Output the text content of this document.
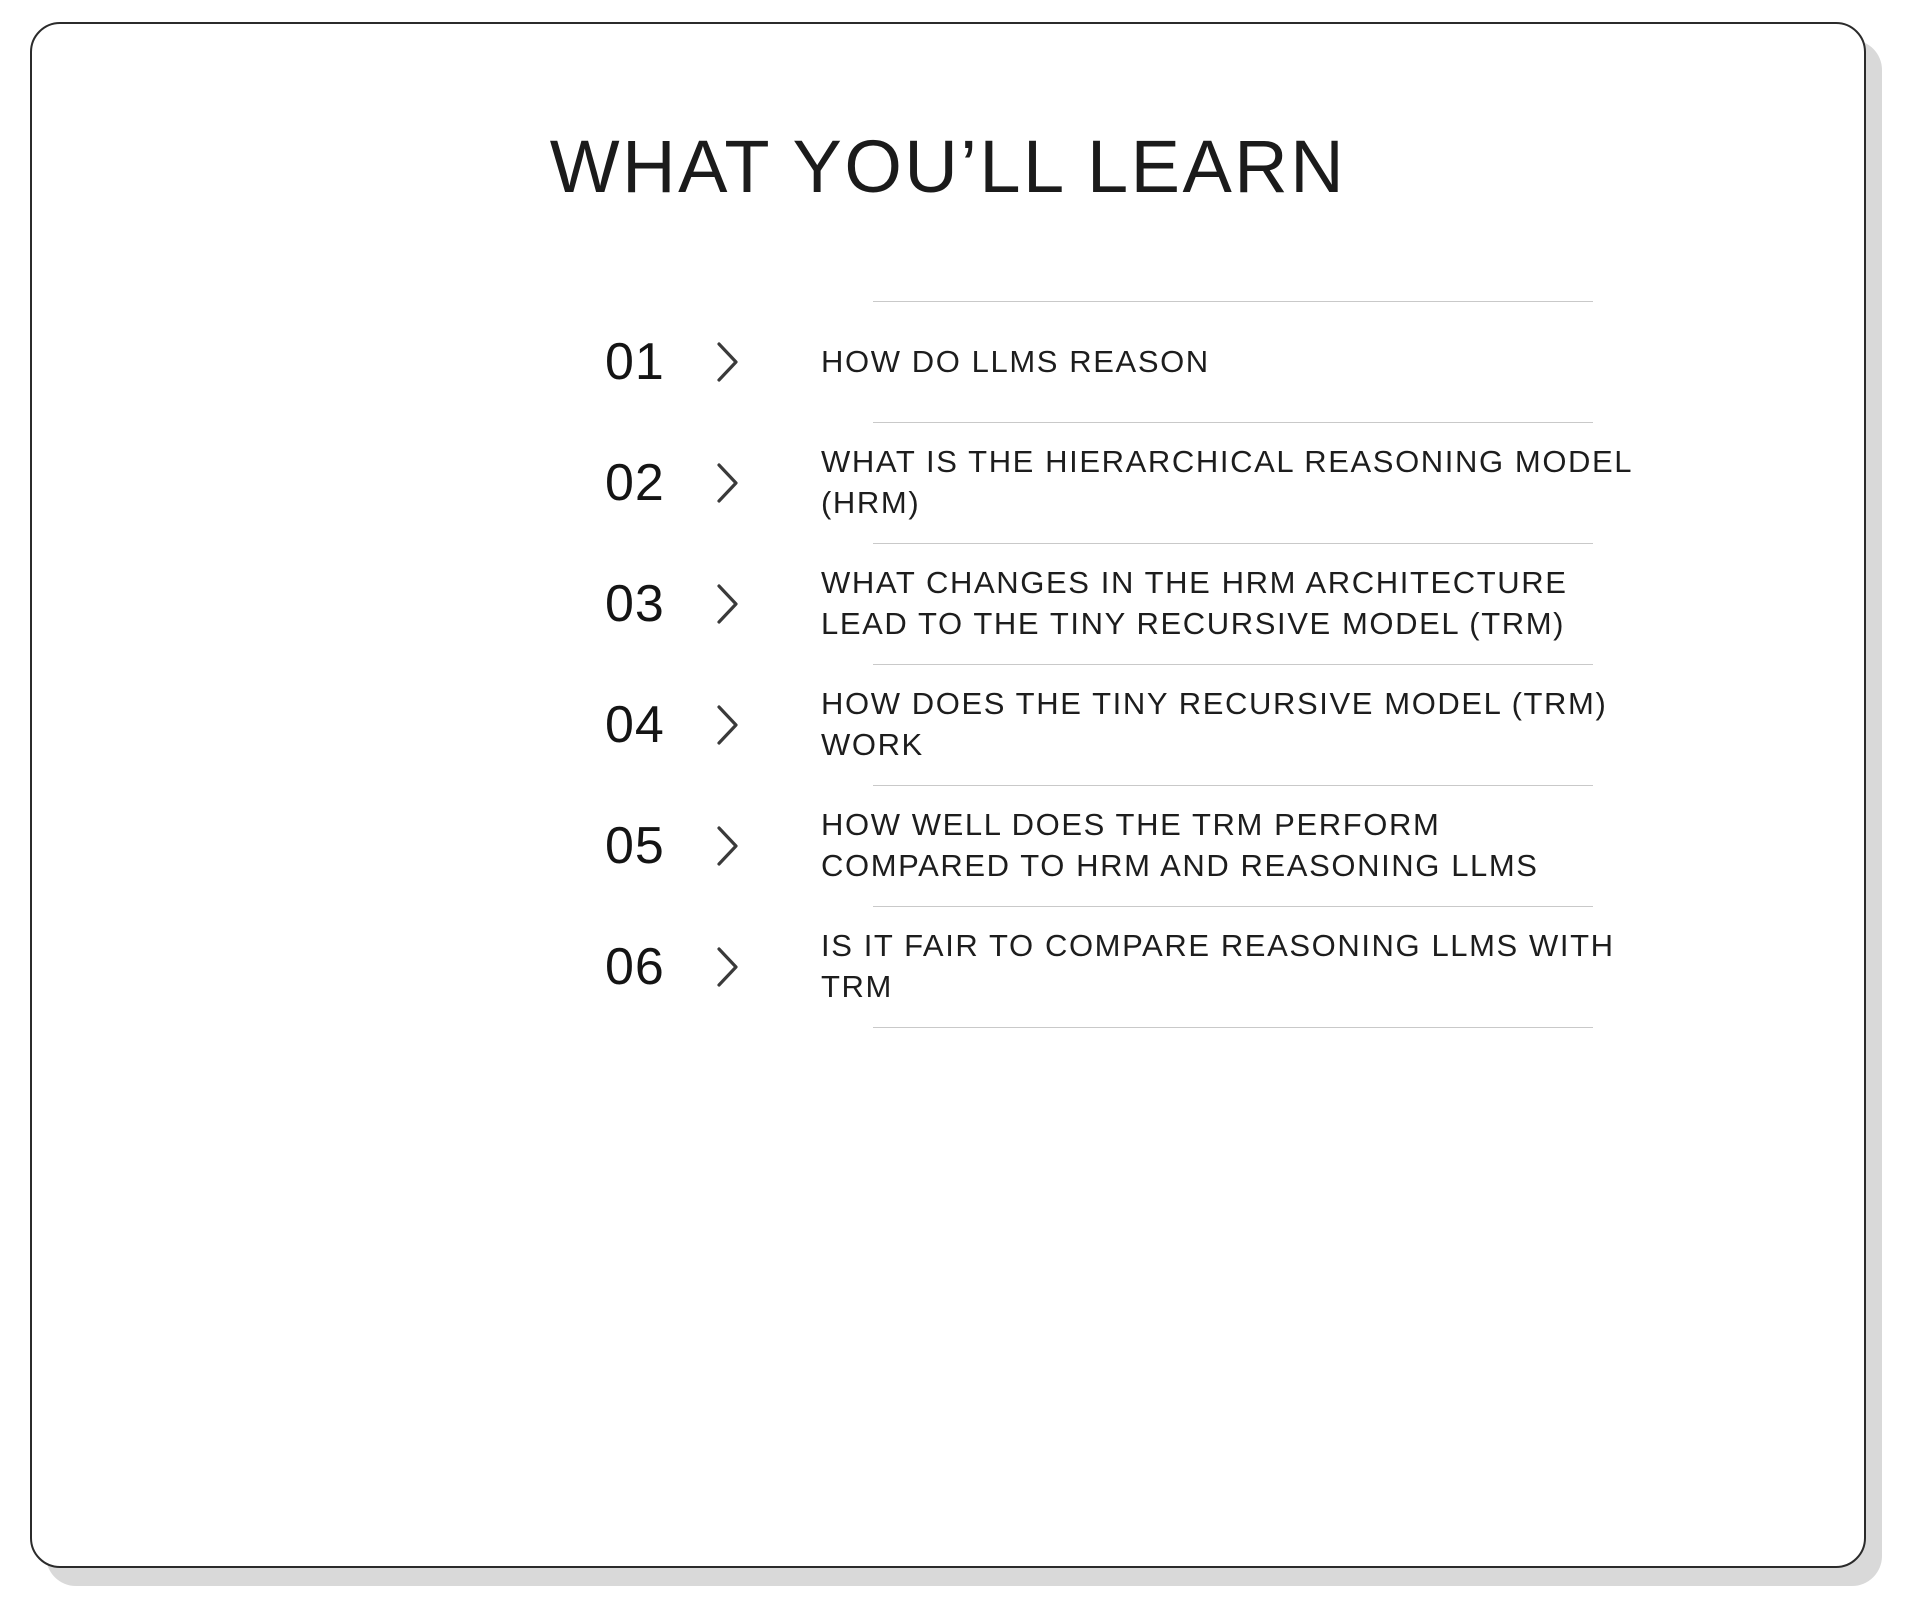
WHAT YOU’LL LEARN
01	HOW DO LLMS REASON
02	WHAT IS THE HIERARCHICAL REASONING MODEL (HRM)
03	WHAT CHANGES IN THE HRM ARCHITECTURE LEAD TO THE TINY RECURSIVE MODEL (TRM)
04	HOW DOES THE TINY RECURSIVE MODEL (TRM) WORK
05	HOW WELL DOES THE TRM PERFORM COMPARED TO HRM AND REASONING LLMS
06	IS IT FAIR TO COMPARE REASONING LLMS WITH TRM
